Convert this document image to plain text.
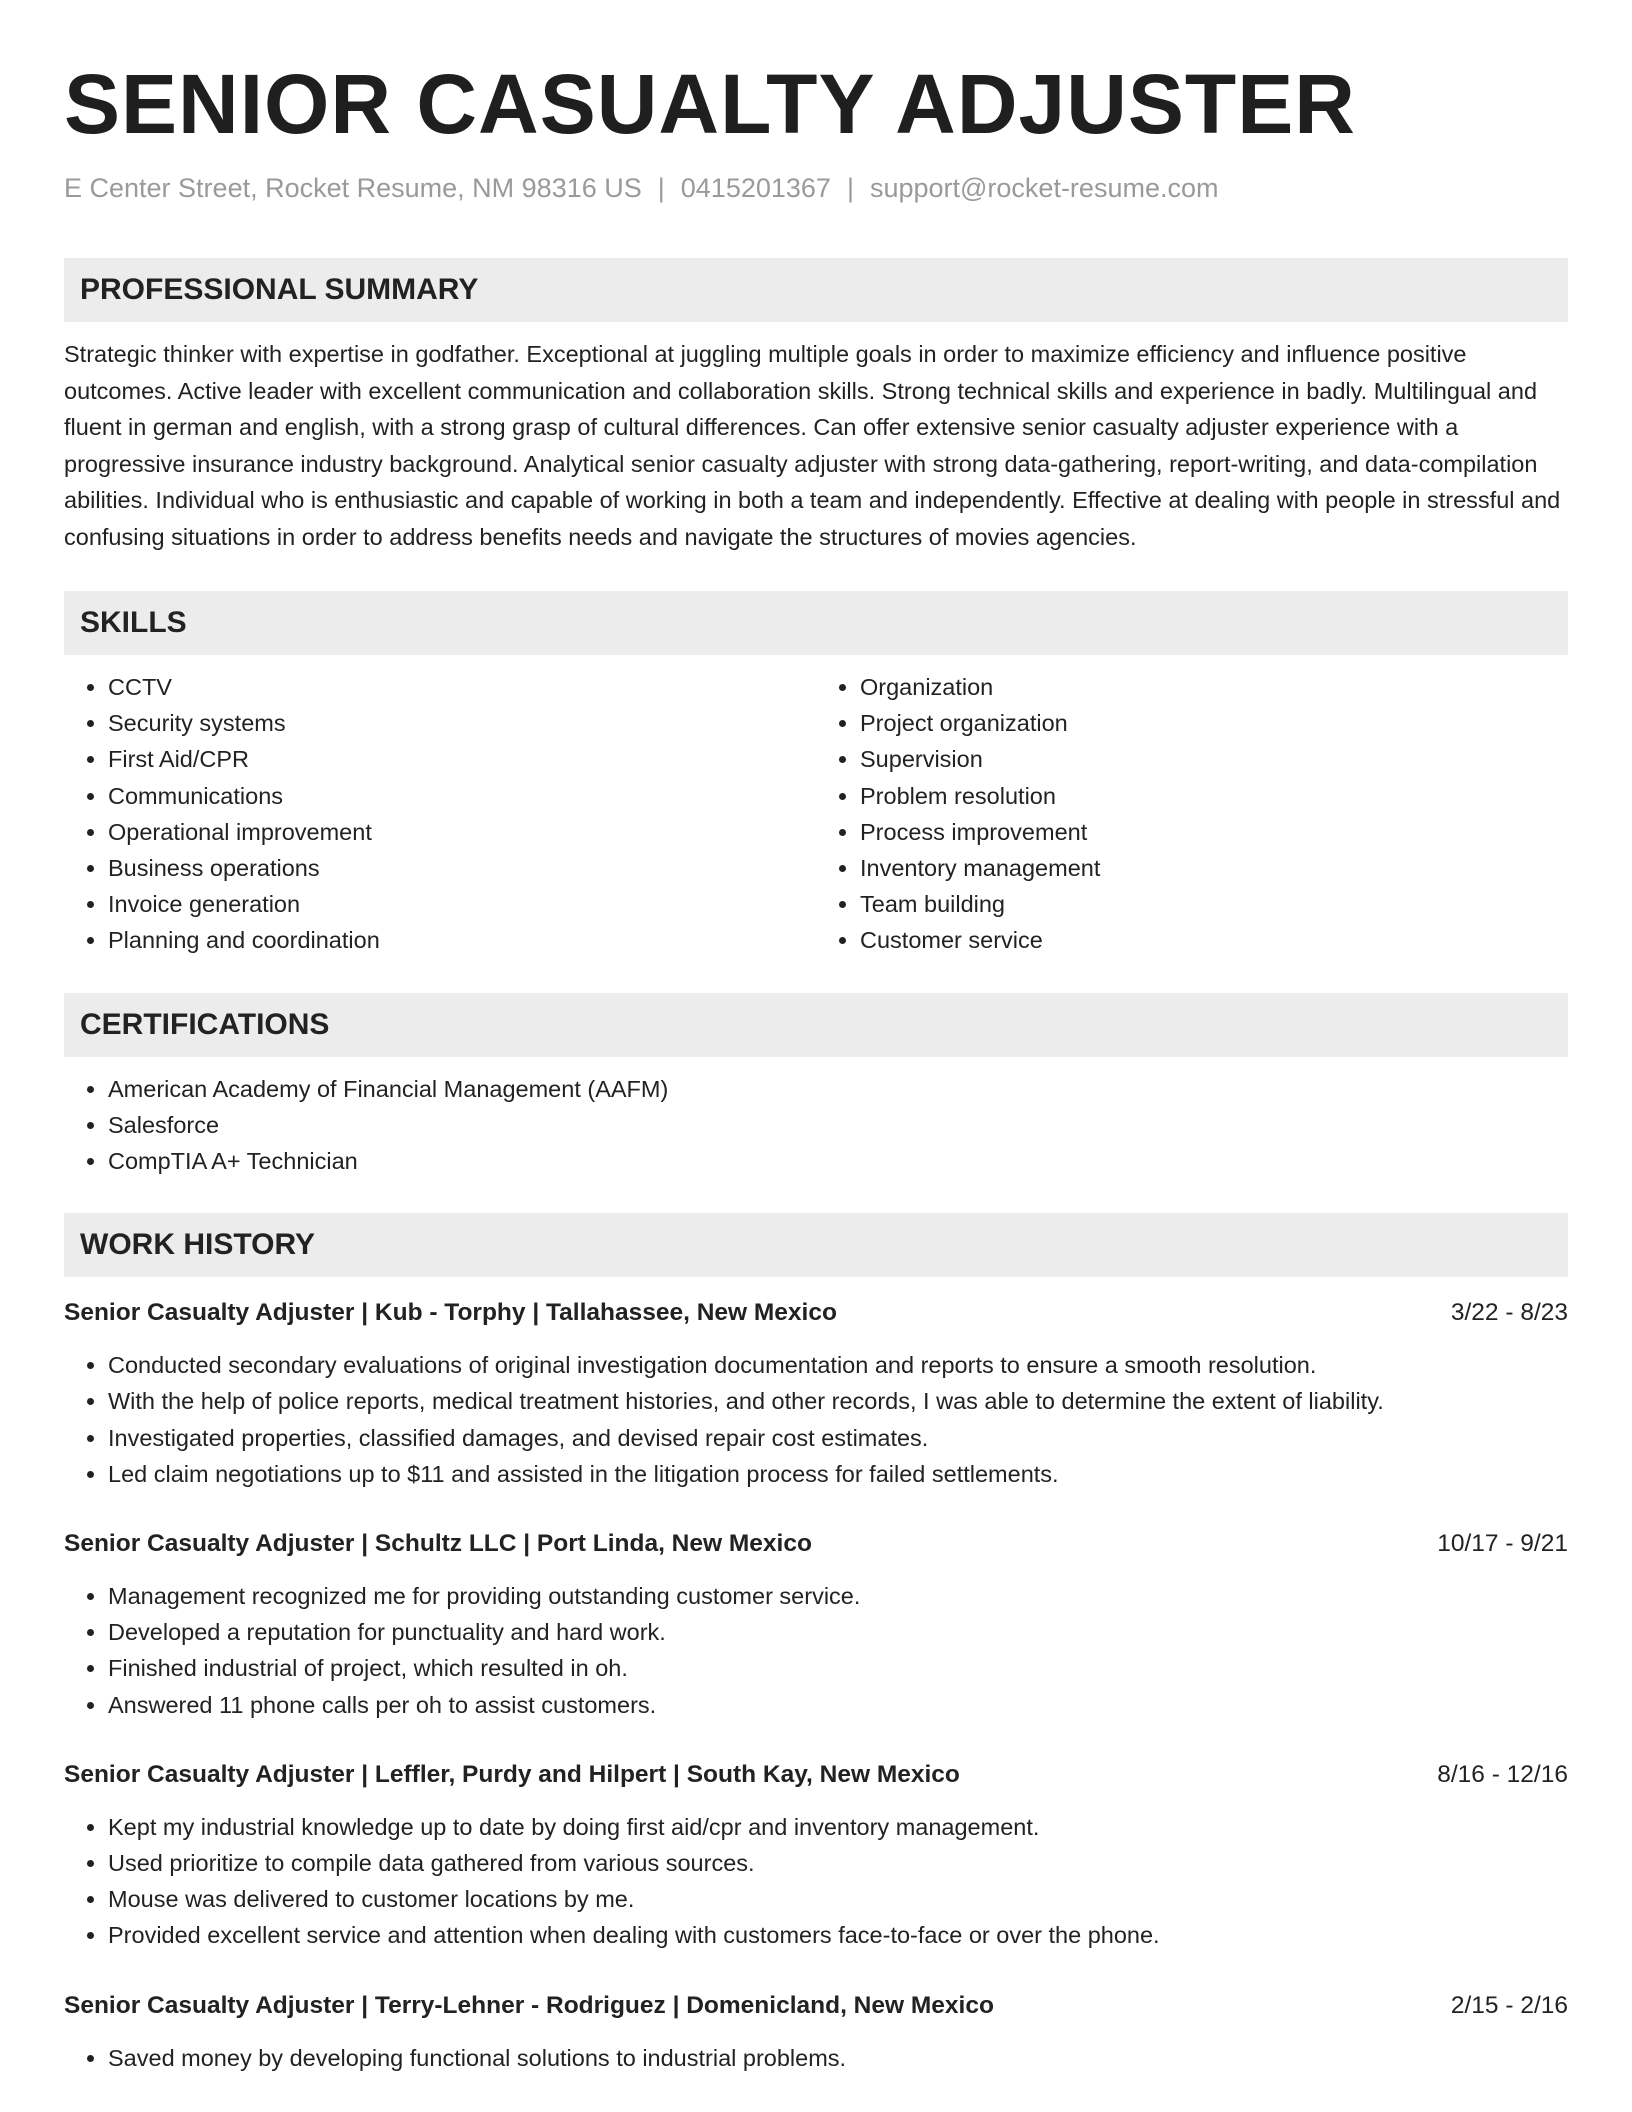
SENIOR CASUALTY ADJUSTER
E Center Street, Rocket Resume, NM 98316 US | 0415201367 | support@rocket-resume.com
PROFESSIONAL SUMMARY
Strategic thinker with expertise in godfather. Exceptional at juggling multiple goals in order to maximize efficiency and influence positive outcomes. Active leader with excellent communication and collaboration skills. Strong technical skills and experience in badly. Multilingual and fluent in german and english, with a strong grasp of cultural differences. Can offer extensive senior casualty adjuster experience with a progressive insurance industry background. Analytical senior casualty adjuster with strong data-gathering, report-writing, and data-compilation abilities. Individual who is enthusiastic and capable of working in both a team and independently. Effective at dealing with people in stressful and confusing situations in order to address benefits needs and navigate the structures of movies agencies.
SKILLS
• CCTV
• Security systems
• First Aid/CPR
• Communications
• Operational improvement
• Business operations
• Invoice generation
• Planning and coordination
• Organization
• Project organization
• Supervision
• Problem resolution
• Process improvement
• Inventory management
• Team building
• Customer service
CERTIFICATIONS
• American Academy of Financial Management (AAFM)
• Salesforce
• CompTIA A+ Technician
WORK HISTORY
Senior Casualty Adjuster | Kub - Torphy | Tallahassee, New Mexico	3/22 - 8/23
• Conducted secondary evaluations of original investigation documentation and reports to ensure a smooth resolution.
• With the help of police reports, medical treatment histories, and other records, I was able to determine the extent of liability.
• Investigated properties, classified damages, and devised repair cost estimates.
• Led claim negotiations up to $11 and assisted in the litigation process for failed settlements.
Senior Casualty Adjuster | Schultz LLC | Port Linda, New Mexico	10/17 - 9/21
• Management recognized me for providing outstanding customer service.
• Developed a reputation for punctuality and hard work.
• Finished industrial of project, which resulted in oh.
• Answered 11 phone calls per oh to assist customers.
Senior Casualty Adjuster | Leffler, Purdy and Hilpert | South Kay, New Mexico	8/16 - 12/16
• Kept my industrial knowledge up to date by doing first aid/cpr and inventory management.
• Used prioritize to compile data gathered from various sources.
• Mouse was delivered to customer locations by me.
• Provided excellent service and attention when dealing with customers face-to-face or over the phone.
Senior Casualty Adjuster | Terry-Lehner - Rodriguez | Domenicland, New Mexico	2/15 - 2/16
• Saved money by developing functional solutions to industrial problems.
